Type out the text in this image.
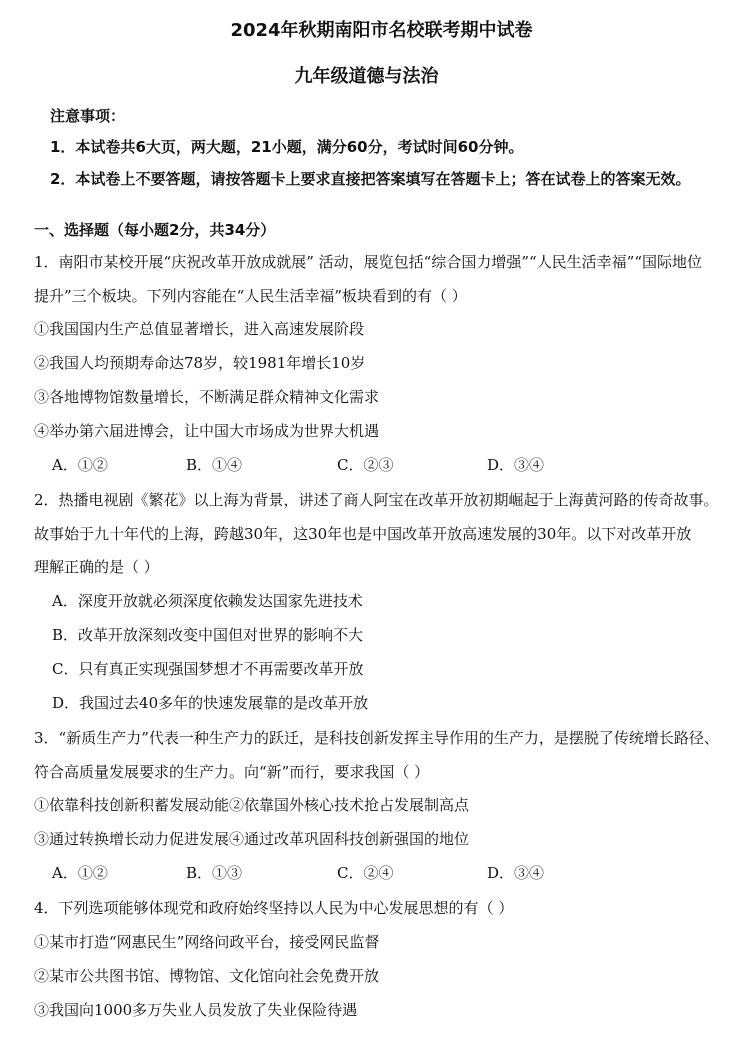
2024年秋期南阳市名校联考期中试卷
九年级道德与法治
注意事项：
1．本试卷共6大页，两大题，21小题，满分60分，考试时间60分钟。
2．本试卷上不要答题，请按答题卡上要求直接把答案填写在答题卡上；答在试卷上的答案无效。
一、选择题（每小题2分，共34分）
1．南阳市某校开展“庆祝改革开放成就展” 活动，展览包括“综合国力增强”“人民生活幸福”“国际地位
提升”三个板块。下列内容能在“人民生活幸福”板块看到的有（ ）
①我国国内生产总值显著增长，进入高速发展阶段
②我国人均预期寿命达78岁，较1981年增长10岁
③各地博物馆数量增长，不断满足群众精神文化需求
④举办第六届进博会，让中国大市场成为世界大机遇
A．①②	B．①④	C．②③	D．③④
2．热播电视剧《繁花》以上海为背景，讲述了商人阿宝在改革开放初期崛起于上海黄河路的传奇故事。
故事始于九十年代的上海，跨越30年，这30年也是中国改革开放高速发展的30年。以下对改革开放
理解正确的是（ ）
A．深度开放就必须深度依赖发达国家先进技术
B．改革开放深刻改变中国但对世界的影响不大
C．只有真正实现强国梦想才不再需要改革开放
D．我国过去40多年的快速发展靠的是改革开放
3．“新质生产力”代表一种生产力的跃迁，是科技创新发挥主导作用的生产力，是摆脱了传统增长路径、
符合高质量发展要求的生产力。向“新”而行，要求我国（ ）
①依靠科技创新积蓄发展动能②依靠国外核心技术抢占发展制高点
③通过转换增长动力促进发展④通过改革巩固科技创新强国的地位
A．①②	B．①③	C．②④	D．③④
4．下列选项能够体现党和政府始终坚持以人民为中心发展思想的有（ ）
①某市打造“网惠民生”网络问政平台，接受网民监督
②某市公共图书馆、博物馆、文化馆向社会免费开放
③我国向1000多万失业人员发放了失业保险待遇
